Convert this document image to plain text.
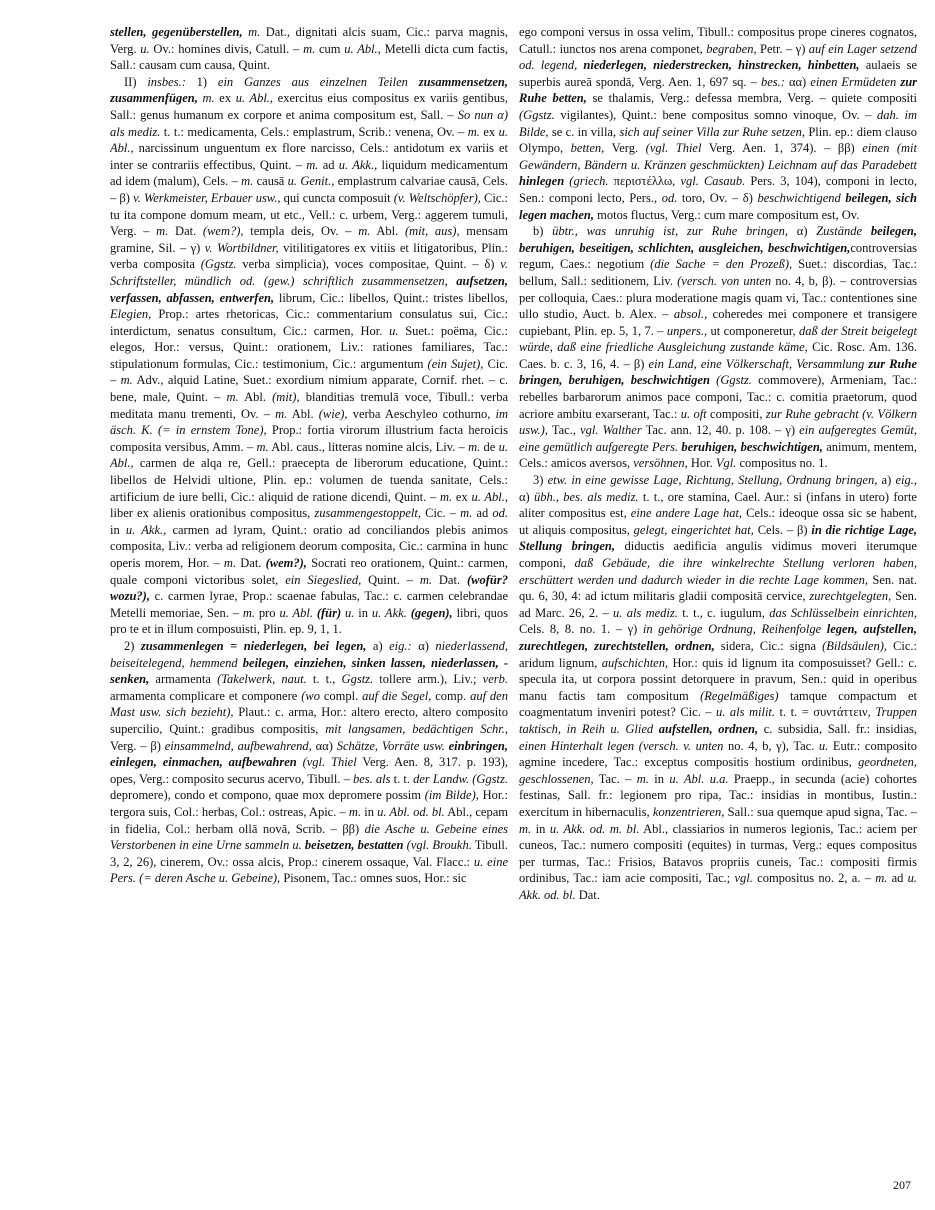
stellen, gegenüberstellen, m. Dat., dignitati alcis suam, Cic.: parva magnis, Verg. u. Ov.: homines divis, Catull. – m. cum u. Abl., Metelli dicta cum factis, Sall.: causam cum causa, Quint.

II) insbes.: 1) ein Ganzes aus einzelnen Teilen zusammensetzen, zusammenfügen, m. ex u. Abl., exercitus eius compositus ex variis gentibus, Sall.: genus humanum ex corpore et anima compositum est, Sall. – So nun α) als mediz. t. t.: medicamenta, Cels.: emplastrum, Scrib.: venena, Ov. – m. ex u. Abl., narcissinum unguentum ex flore narcisso, Cels.: antidotum ex variis et inter se contrariis effectibus, Quint. – m. ad u. Akk., liquidum medicamentum ad idem (malum), Cels. – m. causā u. Genit., emplastrum calvariae causā, Cels. – β) v. Werkmeister, Erbauer usw., qui cuncta composuit (v. Weltschöpfer), Cic.: tu ita compone domum meam, ut etc., Vell.: c. urbem, Verg.: aggerem tumuli, Verg. – m. Dat. (wem?), templa deis, Ov. – m. Abl. (mit, aus), mensam gramine, Sil. – γ) v. Wortbildner, vitilitigatores ex vitiis et litigatoribus, Plin.: verba composita (Ggstz. verba simplicia), voces compositae, Quint. – δ) v. Schriftsteller, mündlich od. (gew.) schriftlich zusammensetzen, aufsetzen, verfassen, abfassen, entwerfen, librum, Cic.: libellos, Quint.: tristes libellos, Elegien, Prop.: artes rhetoricas, Cic.: commentarium consulatus sui, Cic.: interdictum, senatus consultum, Cic.: carmen, Hor. u. Suet.: poëma, Cic.: elegos, Hor.: versus, Quint.: orationem, Liv.: rationes familiares, Tac.: stipulationum formulas, Cic.: testimonium, Cic.: argumentum (ein Sujet), Cic. – m. Adv., alquid Latine, Suet.: exordium nimium apparate, Cornif. rhet. – c. bene, male, Quint. – m. Abl. (mit), blanditias tremulā voce, Tibull.: verba meditata manu trementi, Ov. – m. Abl. (wie), verba Aeschyleo cothurno, im äsch. K. (= in ernstem Tone), Prop.: fortia virorum illustrium facta heroicis composita versibus, Amm. – m. Abl. caus., litteras nomine alcis, Liv. – m. de u. Abl., carmen de alqa re, Gell.: praecepta de liberorum educatione, Quint.: libellos de Helvidi ultione, Plin. ep.: volumen de tuenda sanitate, Cels.: artificium de iure belli, Cic.: aliquid de ratione dicendi, Quint. – m. ex u. Abl., liber ex alienis orationibus compositus, zusammengestoppelt, Cic. – m. ad od. in u. Akk., carmen ad lyram, Quint.: oratio ad conciliandos plebis animos composita, Liv.: verba ad religionem deorum composita, Cic.: carmina in hunc operis morem, Hor. – m. Dat. (wem?), Socrati reo orationem, Quint.: carmen, quale componi victoribus solet, ein Siegeslied, Quint. – m. Dat. (wofür? wozu?), c. carmen lyrae, Prop.: scaenae fabulas, Tac.: c. carmen celebrandae Metelli memoriae, Sen. – m. pro u. Abl. (für) u. in u. Akk. (gegen), libri, quos pro te et in illum composuisti, Plin. ep. 9, 1, 1.

2) zusammenlegen = niederlegen, bei legen, a) eig.: α) niederlassend, beiseitelegend, hemmend beilegen, einziehen, sinken lassen, niederlassen, -senken, armamenta (Takelwerk, naut. t. t., Ggstz. tollere arm.), Liv.; verb. armamenta complicare et componere (wo compl. auf die Segel, comp. auf den Mast usw. sich bezieht), Plaut.: c. arma, Hor.: altero erecto, altero composito supercilio, Quint.: gradibus compositis, mit langsamen, bedächtigen Schr., Verg. – β) einsammelnd, aufbewahrend, αα) Schätze, Vorräte usw. einbringen, einlegen, einmachen, aufbewahren (vgl. Thiel Verg. Aen. 8, 317. p. 193), opes, Verg.: composito securus acervo, Tibull. – bes. als t. t. der Landw. (Ggstz. depromere), condo et compono, quae mox depromere possim (im Bilde), Hor.: tergora suis, Col.: herbas, Col.: ostreas, Apic. – m. in u. Abl. od. bl. Abl., cepam in fidelia, Col.: herbam ollā novā, Scrib. – ββ) die Asche u. Gebeine eines Verstorbenen in eine Urne sammeln u. beisetzen, bestatten (vgl. Broukh. Tibull. 3, 2, 26), cinerem, Ov.: ossa alcis, Prop.: cinerem ossaque, Val. Flacc.: u. eine Pers. (= deren Asche u. Gebeine), Pisonem, Tac.: omnes suos, Hor.: sic

ego componi versus in ossa velim, Tibull.: compositus prope cineres cognatos, Catull.: iunctos nos arena componet, begraben, Petr. – γ) auf ein Lager setzend od. legend, niederlegen, niederstrecken, hinstrecken, hinbetten, aulaeis se superbis aureā spondā, Verg. Aen. 1, 697 sq. – bes.: αα) einen Ermüdeten zur Ruhe betten, se thalamis, Verg.: defessa membra, Verg. – quiete compositi (Ggstz. vigilantes), Quint.: bene compositus somno vinoque, Ov. – dah. im Bilde, se c. in villa, sich auf seiner Villa zur Ruhe setzen, Plin. ep.: diem clauso Olympo, betten, Verg. (vgl. Thiel Verg. Aen. 1, 374). – ββ) einen (mit Gewändern, Bändern u. Kränzen geschmückten) Leichnam auf das Paradebett hinlegen (griech. περιστέλλω, vgl. Casaub. Pers. 3, 104), componi in lecto, Sen.: componi lecto, Pers., od. toro, Ov. – δ) beschwichtigend beilegen, sich legen machen, motos fluctus, Verg.: cum mare compositum est, Ov.

b) übtr., was unruhig ist, zur Ruhe bringen, α) Zustände beilegen, beruhigen, beseitigen, schlichten, ausgleichen, beschwichtigen,controversias regum, Caes.: negotium (die Sache = den Prozeß), Suet.: discordias, Tac.: bellum, Sall.: seditionem, Liv. (versch. von unten no. 4, b, β). – controversias per colloquia, Caes.: plura moderatione magis quam vi, Tac.: contentiones sine ullo studio, Auct. b. Alex. – absol., coheredes mei componere et transigere cupiebant, Plin. ep. 5, 1, 7. – unpers., ut componeretur, daß der Streit beigelegt würde, daß eine friedliche Ausgleichung zustande käme, Cic. Rosc. Am. 136. Caes. b. c. 3, 16, 4. – β) ein Land, eine Völkerschaft, Versammlung zur Ruhe bringen, beruhigen, beschwichtigen (Ggstz. commovere), Armeniam, Tac.: rebelles barbarorum animos pace componi, Tac.: c. comitia praetorum, quod acriore ambitu exarserant, Tac.: u. oft compositi, zur Ruhe gebracht (v. Völkern usw.), Tac., vgl. Walther Tac. ann. 12, 40. p. 108. – γ) ein aufgeregtes Gemüt, eine gemütlich aufgeregte Pers. beruhigen, beschwichtigen, animum, mentem, Cels.: amicos aversos, versöhnen, Hor. Vgl. compositus no. 1.

3) etw. in eine gewisse Lage, Richtung, Stellung, Ordnung bringen, a) eig., α) übh., bes. als mediz. t. t., ore stamina, Cael. Aur.: si (infans in utero) forte aliter compositus est, eine andere Lage hat, Cels.: ideoque ossa sic se habent, ut aliquis compositus, gelegt, eingerichtet hat, Cels. – β) in die richtige Lage, Stellung bringen, diductis aedificia angulis vidimus moveri iterumque componi, daß Gebäude, die ihre winkelrechte Stellung verloren haben, erschüttert werden und dadurch wieder in die rechte Lage kommen, Sen. nat. qu. 6, 30, 4: ad ictum militaris gladii compositā cervice, zurechtgelegten, Sen. ad Marc. 26, 2. – u. als mediz. t. t., c. iugulum, das Schlüsselbein einrichten, Cels. 8, 8. no. 1. – γ) in gehörige Ordnung, Reihenfolge legen, aufstellen, zurechtlegen, zurechtstellen, ordnen, sidera, Cic.: signa (Bildsäulen), Cic.: aridum lignum, aufschichten, Hor.: quis id lignum ita composuisset? Gell.: c. specula ita, ut corpora possint detorquere in pravum, Sen.: quid in operibus manu factis tam compositum (Regelmäßiges) tamque compactum et coagmentatum inveniri potest? Cic. – u. als milit. t. t. = συντάττειν, Truppen taktisch, in Reih u. Glied aufstellen, ordnen, c. subsidia, Sall. fr.: insidias, einen Hinterhalt legen (versch. v. unten no. 4, b, γ), Tac. u. Eutr.: composito agmine incedere, Tac.: exceptus compositis hostium ordinibus, geordneten, geschlossenen, Tac. – m. in u. Abl. u.a. Praepp., in secunda (acie) cohortes festinas, Sall. fr.: legionem pro ripa, Tac.: insidias in montibus, Iustin.: exercitum in hibernaculis, konzentrieren, Sall.: sua quemque apud signa, Tac. – m. in u. Akk. od. m. bl. Abl., classiarios in numeros legionis, Tac.: aciem per cuneos, Tac.: numero compositi (equites) in turmas, Verg.: eques compositus per turmas, Tac.: Frisios, Batavos propriis cuneis, Tac.: compositi firmis ordinibus, Tac.: iam acie compositi, Tac.; vgl. compositus no. 2, a. – m. ad u. Akk. od. bl. Dat.

207
